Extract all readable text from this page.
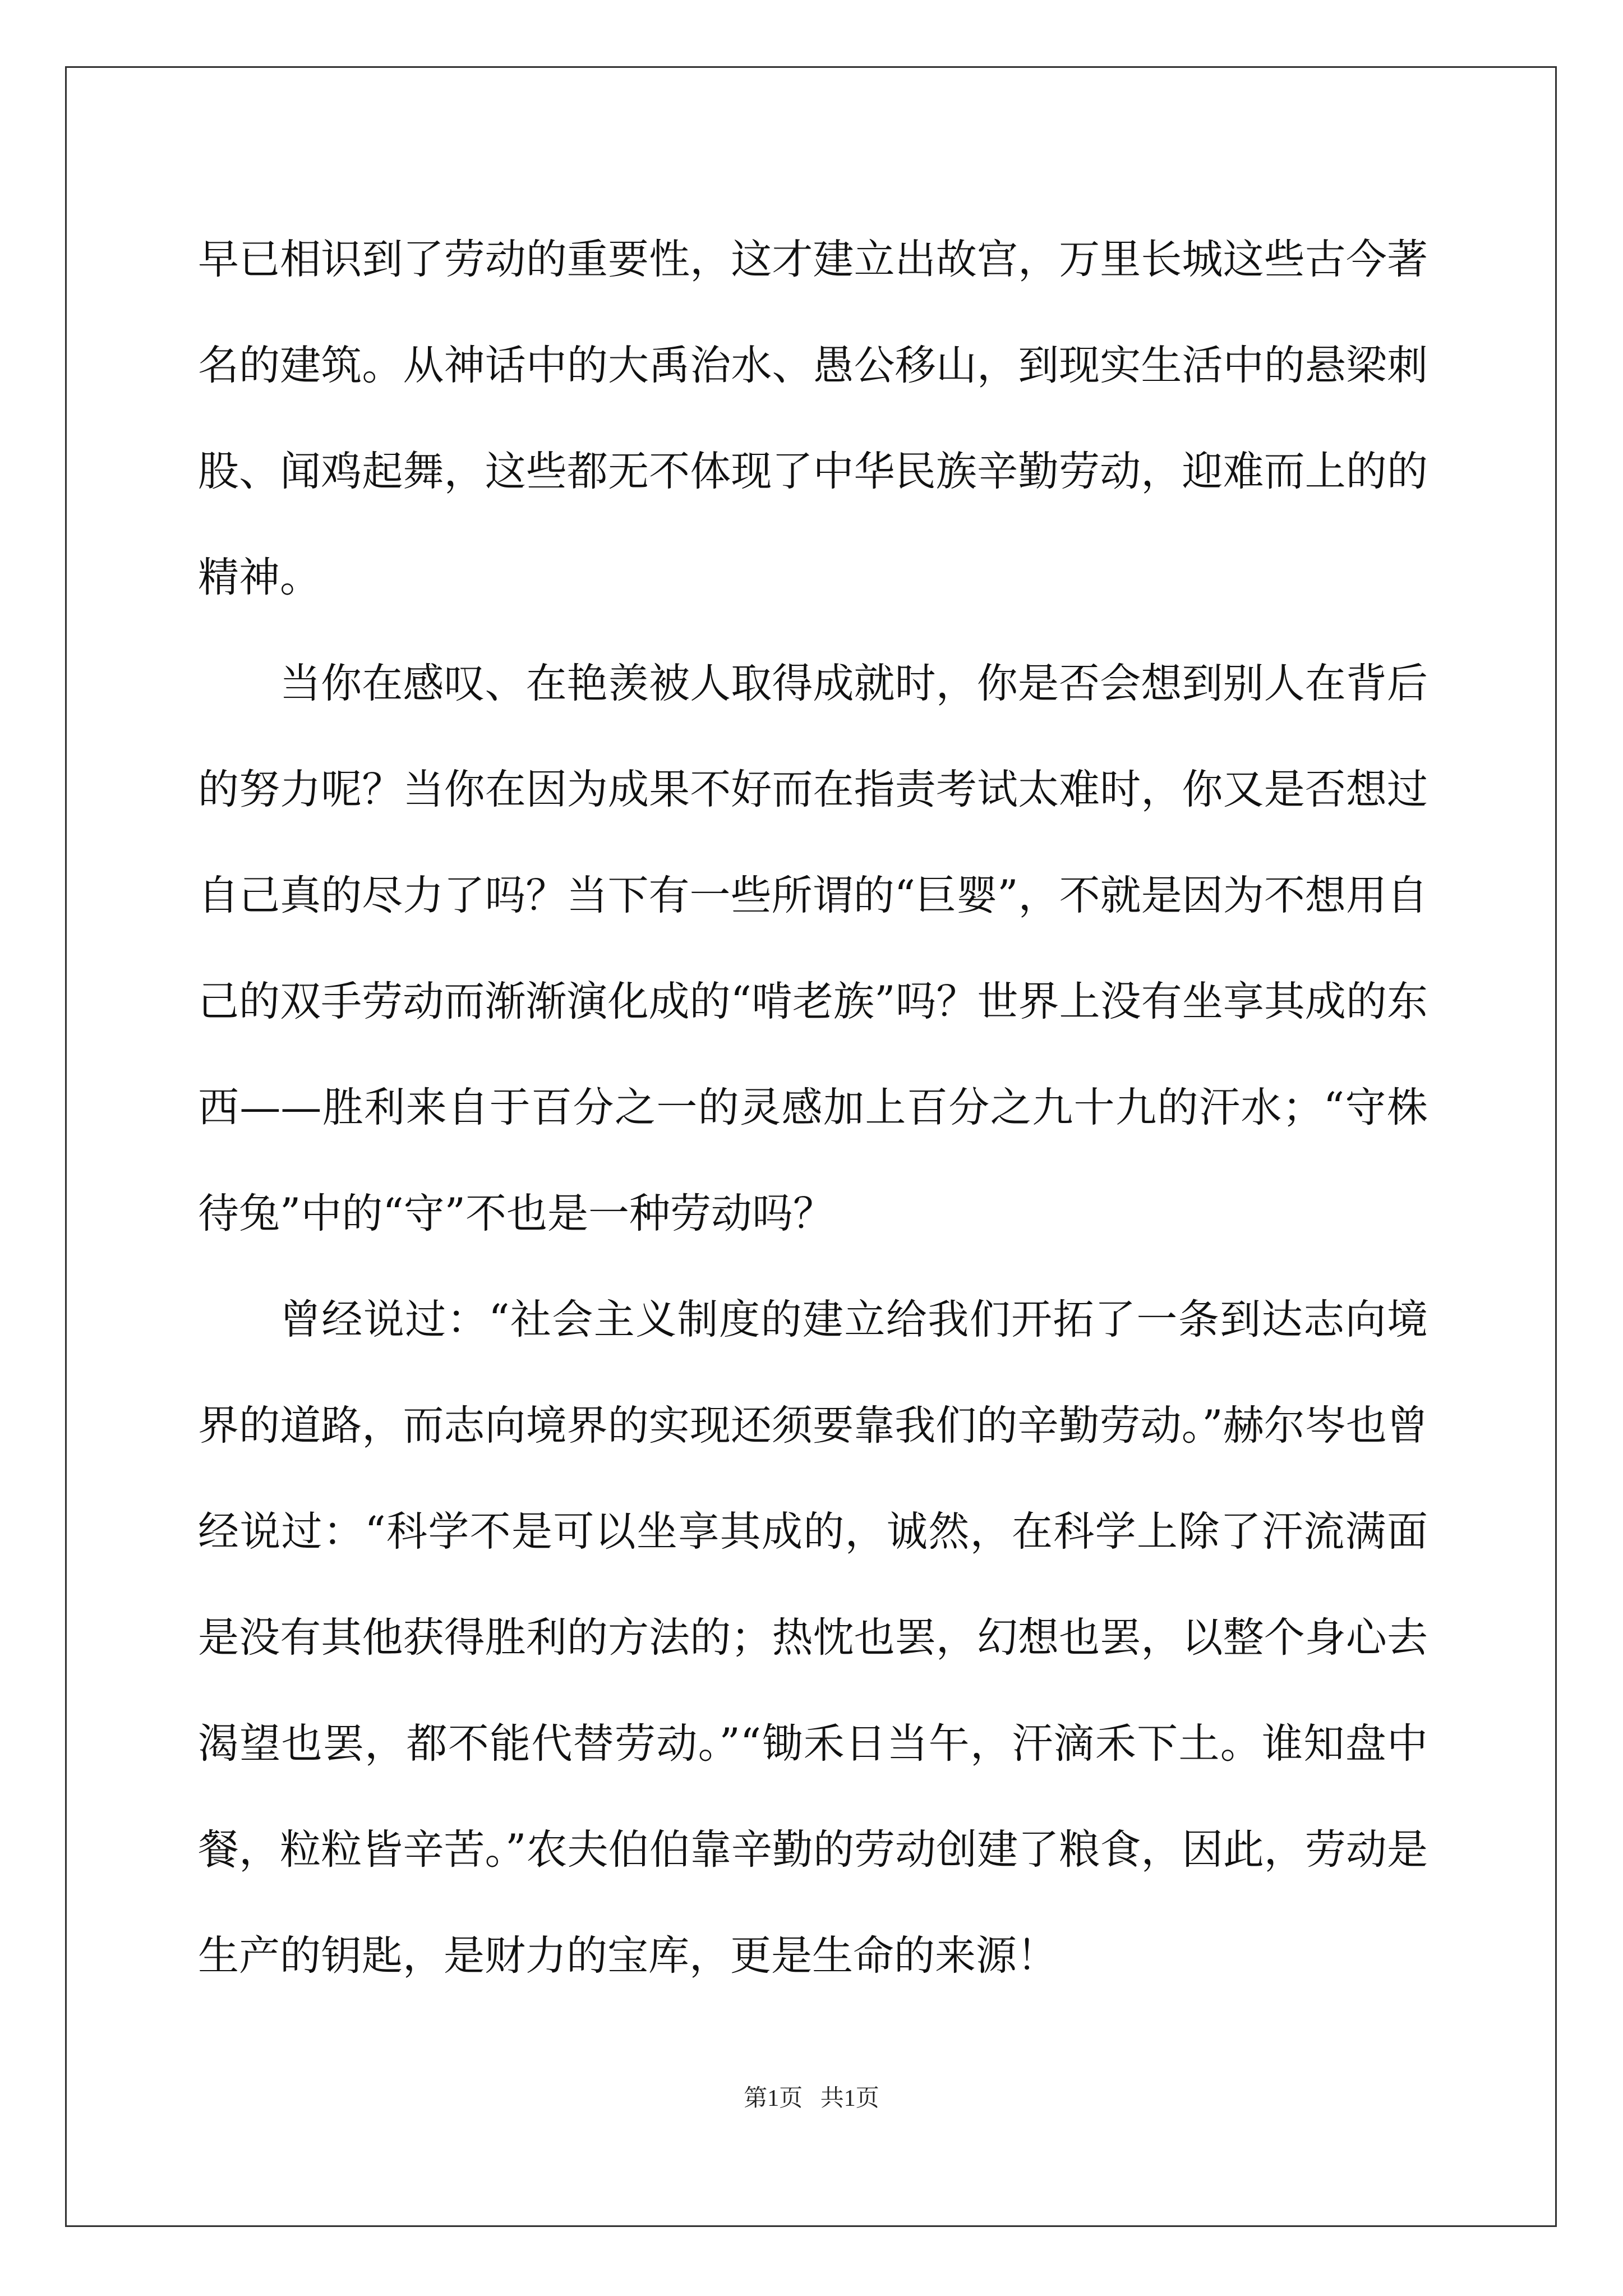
早已相识到了劳动的重要性，这才建立出故宫，万里长城这些古今著名的建筑。从神话中的大禹治水、愚公移山，到现实生活中的悬梁刺股、闻鸡起舞，这些都无不体现了中华民族辛勤劳动，迎难而上的的精神。

当你在感叹、在艳羡被人取得成就时，你是否会想到别人在背后的努力呢？当你在因为成果不好而在指责考试太难时，你又是否想过自己真的尽力了吗？当下有一些所谓的“巨婴”，不就是因为不想用自己的双手劳动而渐渐演化成的“啃老族”吗？世界上没有坐享其成的东西——胜利来自于百分之一的灵感加上百分之九十九的汗水；“守株待兔”中的“守”不也是一种劳动吗？

曾经说过：“社会主义制度的建立给我们开拓了一条到达志向境界的道路，而志向境界的实现还须要靠我们的辛勤劳动。”赫尔岑也曾经说过：“科学不是可以坐享其成的，诚然，在科学上除了汗流满面是没有其他获得胜利的方法的；热忱也罢，幻想也罢，以整个身心去渴望也罢，都不能代替劳动。”“锄禾日当午，汗滴禾下土。谁知盘中餐，粒粒皆辛苦。”农夫伯伯靠辛勤的劳动创建了粮食，因此，劳动是生产的钥匙，是财力的宝库，更是生命的来源！

第1页   共1页
